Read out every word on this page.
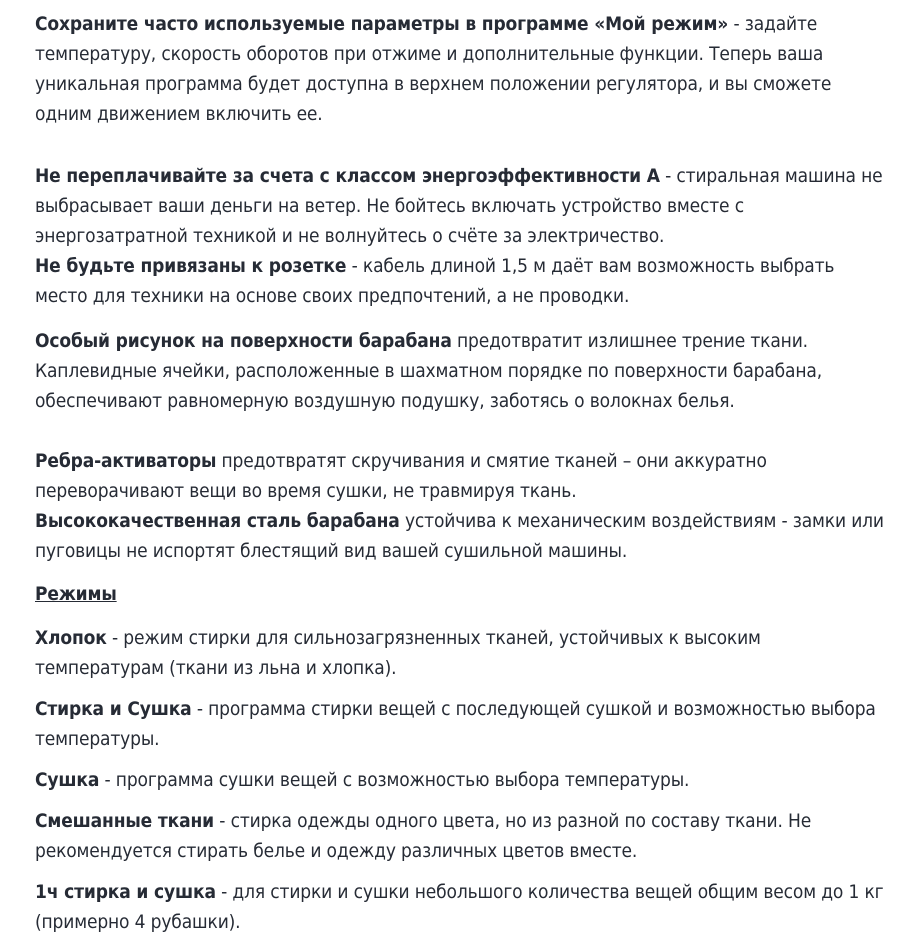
Сохраните часто используемые параметры в программе «Мой режим» - задайте температуру, скорость оборотов при отжиме и дополнительные функции. Теперь ваша уникальная программа будет доступна в верхнем положении регулятора, и вы сможете одним движением включить ее.

Не переплачивайте за счета с классом энергоэффективности А - стиральная машина не выбрасывает ваши деньги на ветер. Не бойтесь включать устройство вместе с энергозатратной техникой и не волнуйтесь о счёте за электричество.

Не будьте привязаны к розетке - кабель длиной 1,5 м даёт вам возможность выбрать место для техники на основе своих предпочтений, а не проводки.

Особый рисунок на поверхности барабана предотвратит излишнее трение ткани. Каплевидные ячейки, расположенные в шахматном порядке по поверхности барабана, обеспечивают равномерную воздушную подушку, заботясь о волокнах белья.

Ребра-активаторы предотвратят скручивания и смятие тканей – они аккуратно переворачивают вещи во время сушки, не травмируя ткань.

Высококачественная сталь барабана устойчива к механическим воздействиям - замки или пуговицы не испортят блестящий вид вашей сушильной машины.

Режимы

Хлопок - режим стирки для сильнозагрязненных тканей, устойчивых к высоким температурам (ткани из льна и хлопка).

Стирка и Сушка - программа стирки вещей с последующей сушкой и возможностью выбора температуры.

Сушка - программа сушки вещей с возможностью выбора температуры.

Смешанные ткани - стирка одежды одного цвета, но из разной по составу ткани. Не рекомендуется стирать белье и одежду различных цветов вместе.

1ч стирка и сушка - для стирки и сушки небольшого количества вещей общим весом до 1 кг (примерно 4 рубашки).
